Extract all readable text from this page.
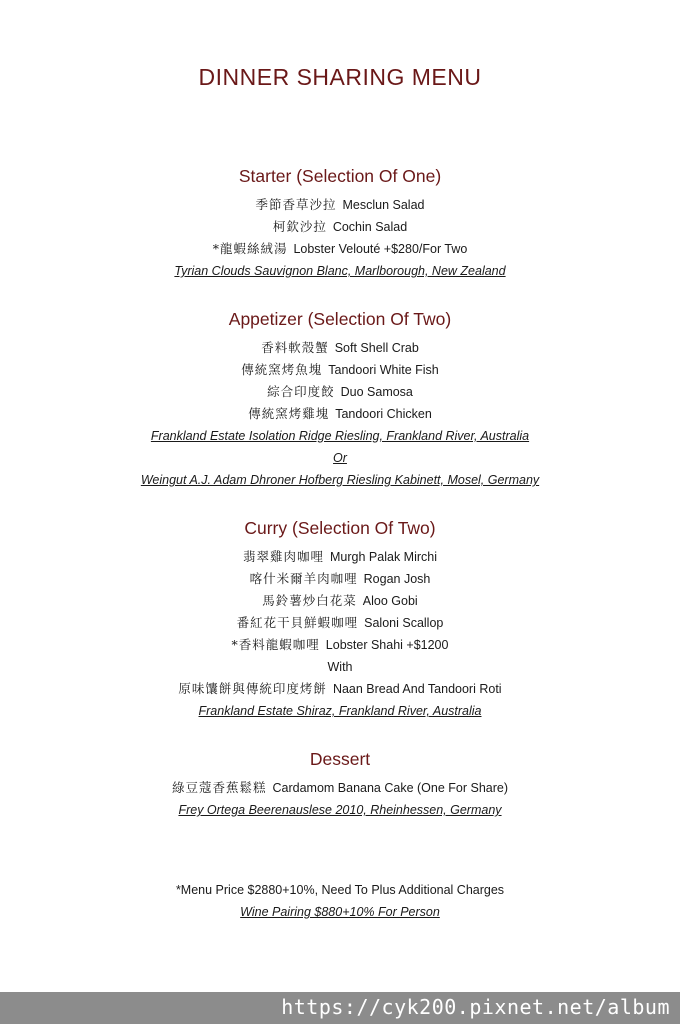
DINNER SHARING MENU
Starter (Selection Of One)
季節香草沙拉 Mesclun Salad
柯欽沙拉 Cochin Salad
*龍蝦絲絨湯 Lobster Velouté +$280/For Two
Tyrian Clouds Sauvignon Blanc, Marlborough, New Zealand
Appetizer (Selection Of Two)
香料軟殼蟹 Soft Shell Crab
傳統窯烤魚塊 Tandoori White Fish
綜合印度餃 Duo Samosa
傳統窯烤雞塊 Tandoori Chicken
Frankland Estate Isolation Ridge Riesling, Frankland River, Australia
Or
Weingut A.J. Adam Dhroner Hofberg Riesling Kabinett, Mosel, Germany
Curry (Selection Of Two)
翡翠雞肉咖哩 Murgh Palak Mirchi
喀什米爾羊肉咖哩 Rogan Josh
馬鈴薯炒白花菜 Aloo Gobi
番紅花干貝鮮蝦咖哩 Saloni Scallop
*香料龍蝦咖哩 Lobster Shahi +$1200
With
原味馕餅與傳統印度烤餅 Naan Bread And Tandoori Roti
Frankland Estate Shiraz, Frankland River, Australia
Dessert
綠豆蔻香蕉鬆糕 Cardamom Banana Cake (One For Share)
Frey Ortega Beerenauslese 2010, Rheinhessen, Germany
*Menu Price $2880+10%, Need To Plus Additional Charges
Wine Pairing $880+10% For Person
https://cyk200.pixnet.net/album
